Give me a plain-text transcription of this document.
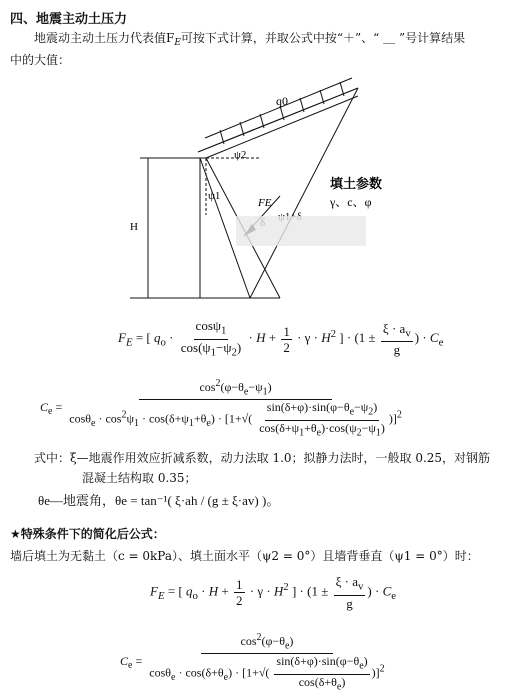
四、地震主动土压力
地震动主动土压力代表值$F_E$可按下式计算，并取公式中按“＋”、“ ＿ ”号计算结果
中的大值：
H
q0
ψ2
ψ1
FE
填土参数
γ、c、φ
$F_E$ = [ $q_o \cdot \frac{\cos\psi_1}{\cos(\psi_1-\psi_2)} \cdot H + \frac{1}{2} \cdot \gamma \cdot H^2$ ] · ($1 \pm \frac{\xi \cdot a_v}{g}$ ) · $C_e$
$C_e$ =
$\cos^2(\varphi-\theta_e-\psi_1)$
$\cos\theta_e \cdot \cos^2\psi_1 \cdot \cos(\delta+\psi_1+\theta_e) \cdot [1+√( \frac{\sin(\delta+\varphi)\cdot\sin(\varphi-\theta_e-\psi_2)}{\cos(\delta+\psi_1+\theta_e)\cdot\cos(\psi_2-\psi_1)} )]^2$
式中：ξ—地震作用效应折减系数，动力法取 1.0；拟静力法时，一般取 0.25，对钢筋
混凝土结构取 0.35；
θe—地震角，θe = tan⁻¹( ξ·ah / (g ± ξ·av) )。
★特殊条件下的简化后公式：
墙后填土为无黏土（c = 0kPa）、填土面水平（ψ2 = 0°）且墙背垂直（ψ1 = 0°）时：
$F_E$ = [ $q_o \cdot H + \frac{1}{2} \cdot \gamma \cdot H^2$ ] · ($1 \pm \frac{\xi \cdot a_v}{g}$ ) · $C_e$
$C_e$ =
$\cos^2(\varphi-\theta_e)$
$\cos\theta_e \cdot \cos(\delta+\theta_e) \cdot [1+√( \frac{\sin(\delta+\varphi)\cdot\sin(\varphi-\theta_e)}{\cos(\delta+\theta_e)} )]^2$
